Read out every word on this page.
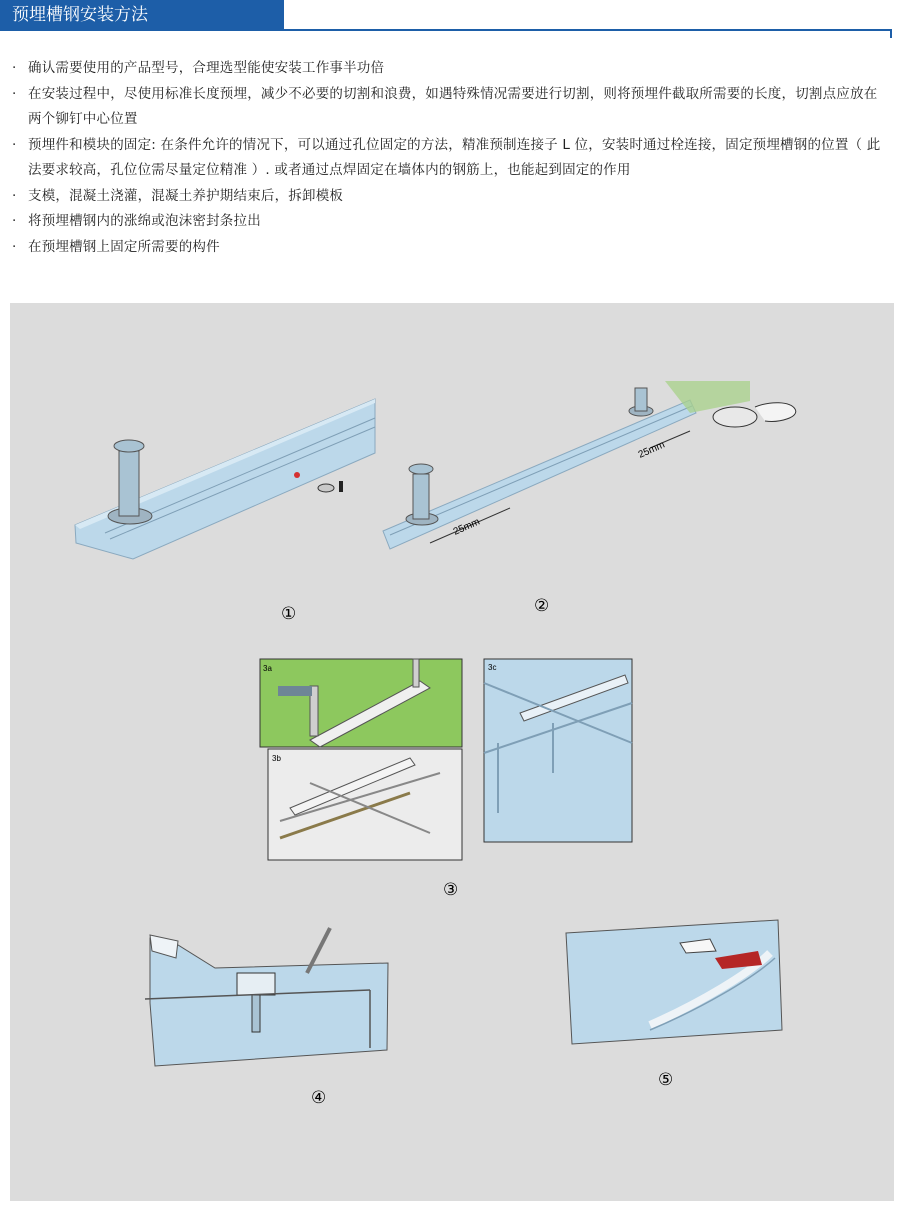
预埋槽钢安装方法
· 确认需要使用的产品型号，合理选型能使安装工作事半功倍
· 在安装过程中，尽使用标准长度预埋，减少不必要的切割和浪费，如遇特殊情况需要进行切割，则将预埋件截取所需要的长度，切割点应放在两个铆钉中心位置
· 预埋件和模块的固定: 在条件允许的情况下，可以通过孔位固定的方法，精准预制连接子 L 位，安装时通过栓连接，固定预埋槽钢的位置（ 此法要求较高，孔位位需尽量定位精准 ）. 或者通过点焊固定在墙体内的钢筋上，也能起到固定的作用
· 支模，混凝土浇灌，混凝土养护期结束后，拆卸模板
· 将预埋槽钢内的涨绵或泡沫密封条拉出
· 在预埋槽钢上固定所需要的构件
25mm
25mm
①	②
3a
3b
3c
③
④
⑤
